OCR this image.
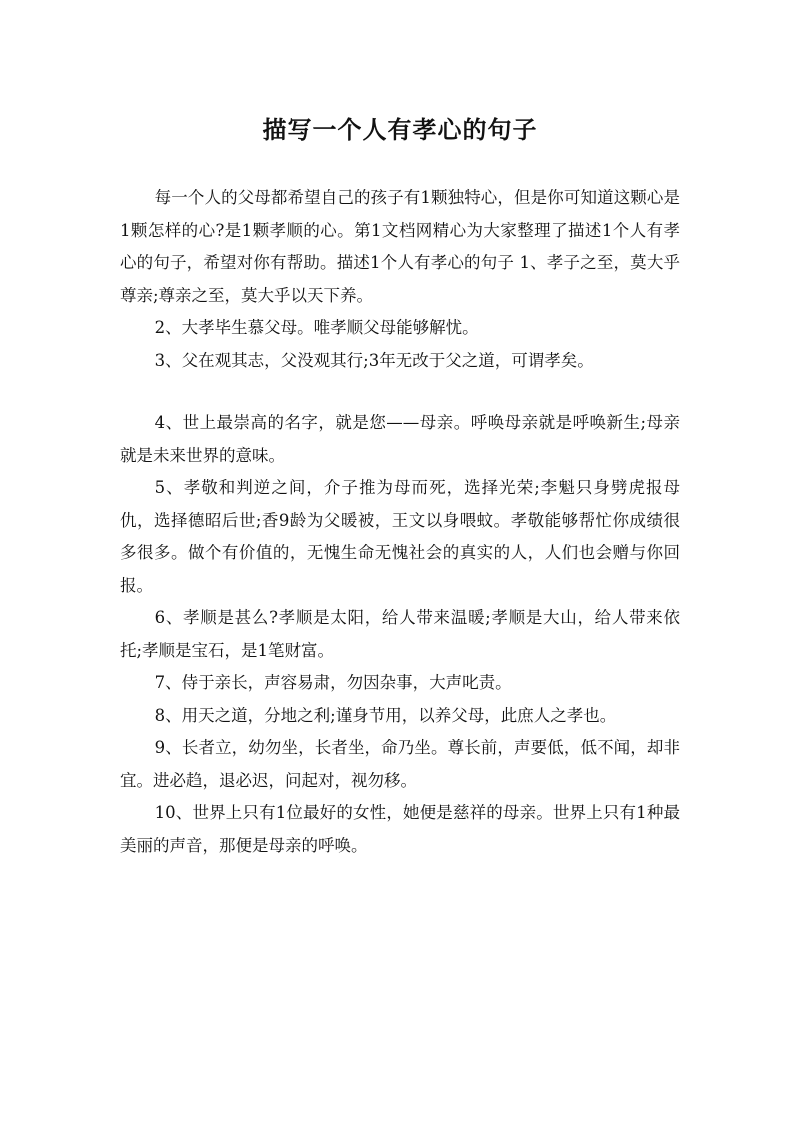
描写一个人有孝心的句子

每一个人的父母都希望自己的孩子有1颗独特心，但是你可知道这颗心是1颗怎样的心?是1颗孝顺的心。第1文档网精心为大家整理了描述1个人有孝心的句子，希望对你有帮助。描述1个人有孝心的句子 1、孝子之至，莫大乎尊亲;尊亲之至，莫大乎以天下养。

2、大孝毕生慕父母。唯孝顺父母能够解忧。

3、父在观其志，父没观其行;3年无改于父之道，可谓孝矣。

4、世上最崇高的名字，就是您——母亲。呼唤母亲就是呼唤新生;母亲就是未来世界的意味。

5、孝敬和判逆之间，介子推为母而死，选择光荣;李魁只身劈虎报母仇，选择德昭后世;香9龄为父暖被，王文以身喂蚊。孝敬能够帮忙你成绩很多很多。做个有价值的，无愧生命无愧社会的真实的人，人们也会赠与你回报。

6、孝顺是甚么?孝顺是太阳，给人带来温暖;孝顺是大山，给人带来依托;孝顺是宝石，是1笔财富。

7、侍于亲长，声容易肃，勿因杂事，大声叱责。

8、用天之道，分地之利;谨身节用，以养父母，此庶人之孝也。

9、长者立，幼勿坐，长者坐，命乃坐。尊长前，声要低，低不闻，却非宜。进必趋，退必迟，问起对，视勿移。

10、世界上只有1位最好的女性，她便是慈祥的母亲。世界上只有1种最美丽的声音，那便是母亲的呼唤。
